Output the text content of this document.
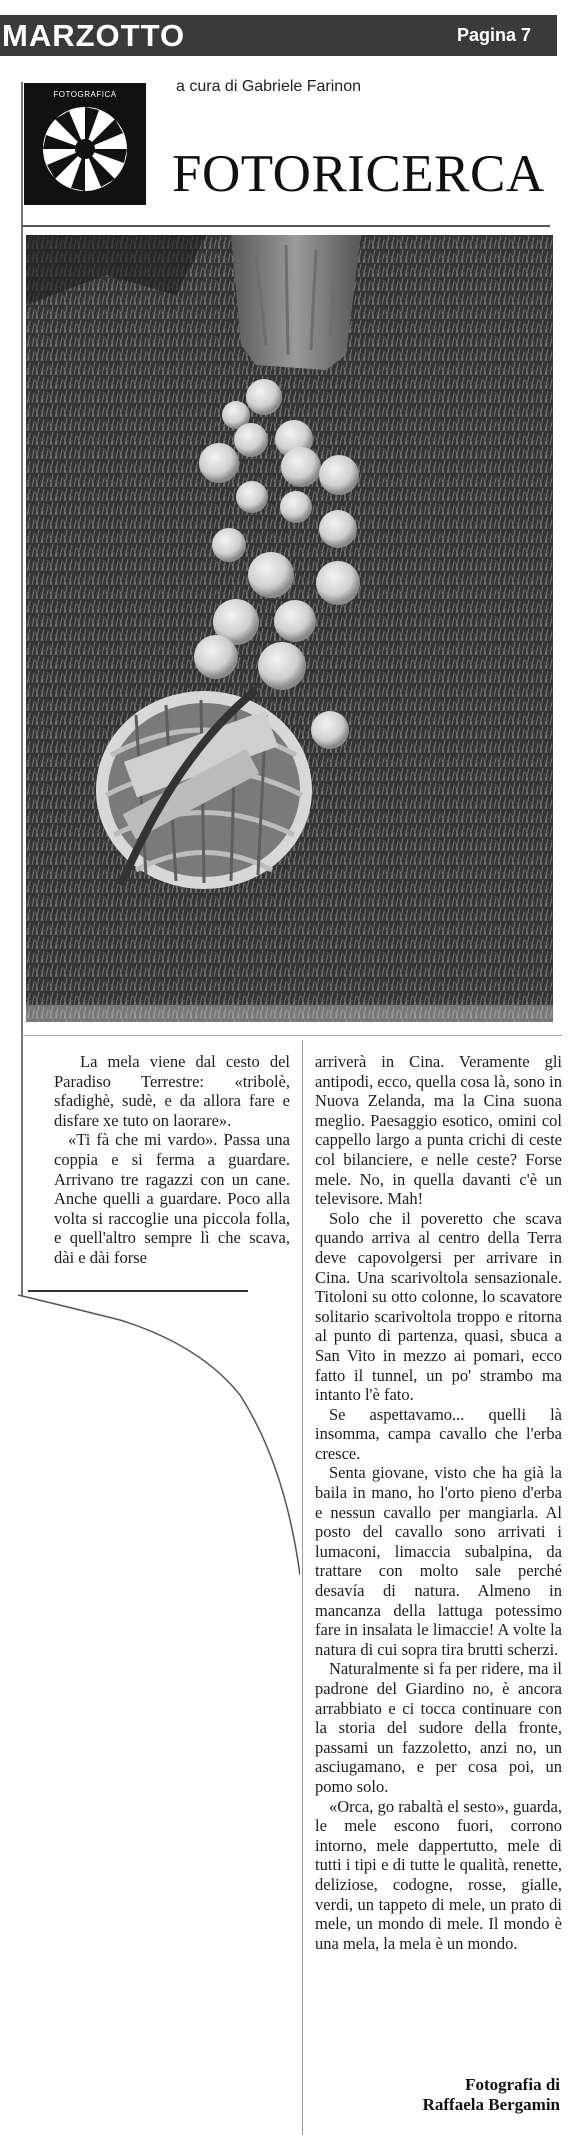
MARZOTTO	Pagina 7
FOTOGRAFICA	a cura di Gabriele Farinon
FOTORICERCA

La mela viene dal cesto del Paradiso Terrestre: «tribolè, sfadighè, sudè, e da allora fare e disfare xe tuto on laorare».

«Ti fà che mi vardo». Passa una coppia e si ferma a guardare. Arrivano tre ragazzi con un cane. Anche quelli a guardare. Poco alla volta si raccoglie una piccola folla, e quell'altro sempre lì che scava, dài e dài forse

arriverà in Cina. Veramente gli antipodi, ecco, quella cosa là, sono in Nuova Zelanda, ma la Cina suona meglio. Paesaggio esotico, omini col cappello largo a punta crichi di ceste col bilanciere, e nelle ceste? Forse mele. No, in quella davanti c'è un televisore. Mah!

Solo che il poveretto che scava quando arriva al centro della Terra deve capovolgersi per arrivare in Cina. Una scarivoltola sensazionale. Titoloni su otto colonne, lo scavatore solitario scarivoltola troppo e ritorna al punto di partenza, quasi, sbuca a San Vito in mezzo ai pomari, ecco fatto il tunnel, un po' strambo ma intanto l'è fato.

Se aspettavamo... quelli là insomma, campa cavallo che l'erba cresce.

Senta giovane, visto che ha già la baila in mano, ho l'orto pieno d'erba e nessun cavallo per mangiarla. Al posto del cavallo sono arrivati i lumaconi, limaccia subalpina, da trattare con molto sale perché desavía di natura. Almeno in mancanza della lattuga potessimo fare in insalata le limaccie! A volte la natura di cui sopra tira brutti scherzi.

Naturalmente si fa per ridere, ma il padrone del Giardino no, è ancora arrabbiato e ci tocca continuare con la storia del sudore della fronte, passami un fazzoletto, anzi no, un asciugamano, e per cosa poi, un pomo solo.

«Orca, go rabaltà el sesto», guarda, le mele escono fuori, corrono intorno, mele dappertutto, mele di tutti i tipi e di tutte le qualità, renette, deliziose, codogne, rosse, gialle, verdi, un tappeto di mele, un prato di mele, un mondo di mele. Il mondo è una mela, la mela è un mondo.

Fotografia di
Raffaela Bergamin
